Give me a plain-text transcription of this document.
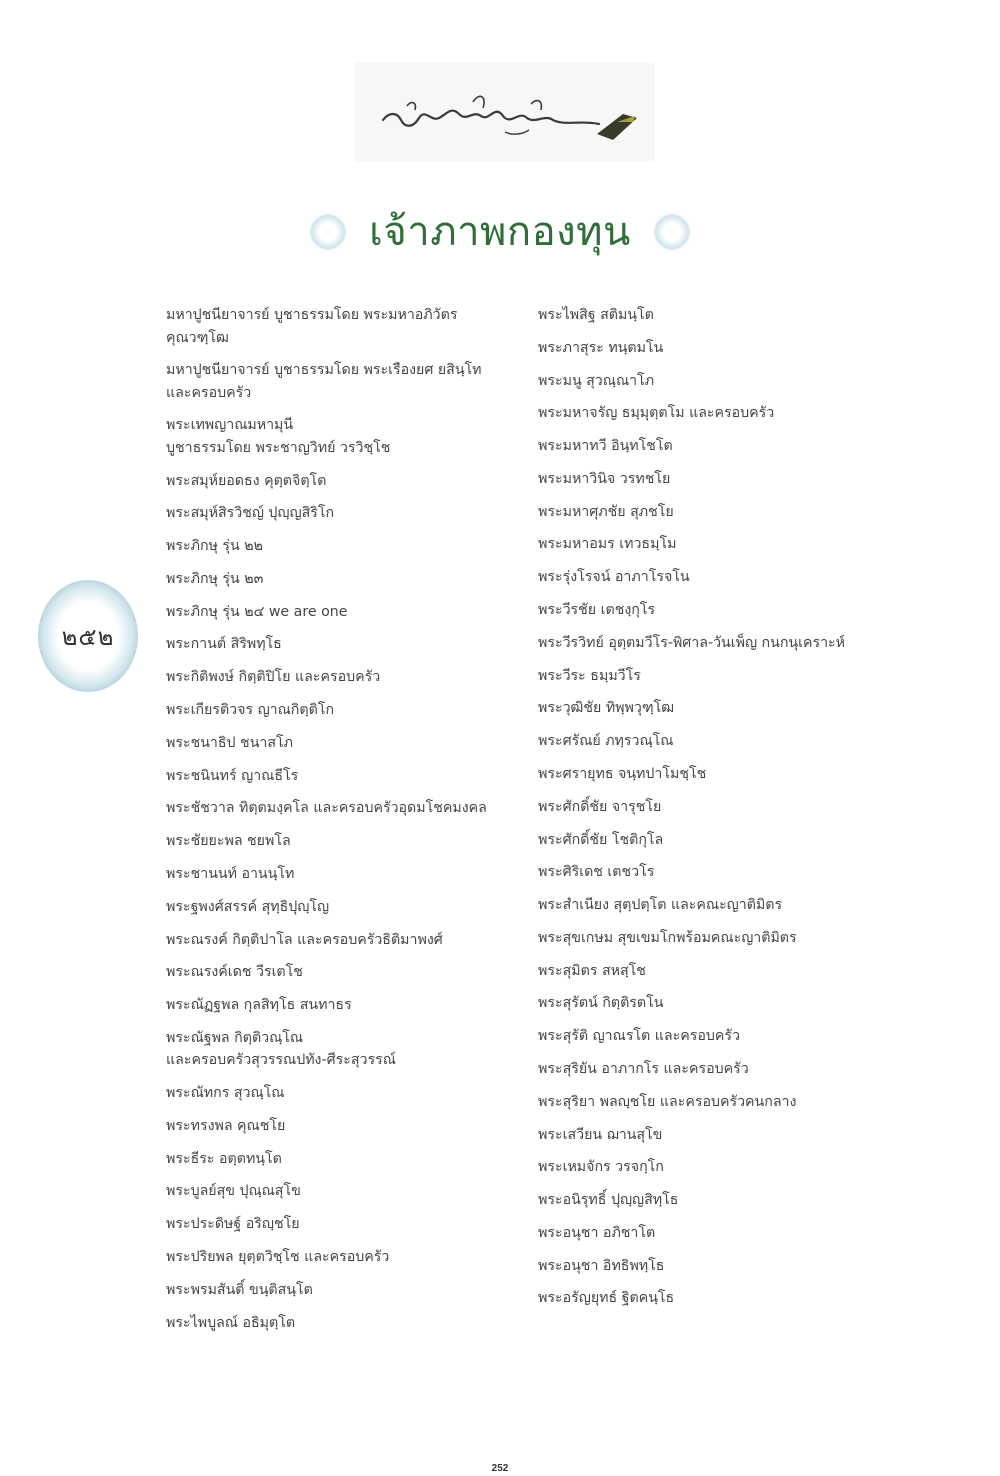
เจ้าภาพกองทุน
๒๕๒
มหาปูชนียาจารย์ บูชาธรรมโดย พระมหาอภิวัตร
คุณวฑฺโฒ
มหาปูชนียาจารย์ บูชาธรรมโดย พระเรืองยศ ยสินฺโท
และครอบครัว
พระเทพญาณมหามุนี
บูชาธรรมโดย พระชาญวิทย์ วรวิชฺโช
พระสมุห์ยอดธง คุตฺตจิตฺโต
พระสมุห์สิรวิชญ์ ปุญฺญสิริโก
พระภิกษุ รุ่น ๒๒
พระภิกษุ รุ่น ๒๓
พระภิกษุ รุ่น ๒๔ we are one
พระกานต์ สิริพทฺโธ
พระกิติพงษ์ กิตฺติปิโย และครอบครัว
พระเกียรติวจร ญาณกิตฺติโก
พระชนาธิป ชนาสโภ
พระชนินทร์ ญาณธีโร
พระชัชวาล ทิตฺตมงฺคโล และครอบครัวอุดมโชคมงคล
พระชัยยะพล ชยพโล
พระชานนท์ อานนฺโท
พระฐพงศ์สรรค์ สุทฺธิปุญฺโญ
พระณรงค์ กิตฺติปาโล และครอบครัวธิติมาพงศ์
พระณรงค์เดช วีรเตโช
พระณัฏฐพล กุลสิทฺโธ สนทาธร
พระณัฐพล กิตฺติวณฺโณ
และครอบครัวสุวรรณปทัง-ศีระสุวรรณ์
พระณัทกร สุวณฺโณ
พระทรงพล คุณชโย
พระธีระ อตฺตทนฺโต
พระบูลย์สุข ปุณฺณสุโข
พระประดิษฐ์ อริญฺชโย
พระปริยพล ยุตฺตวิชฺโช และครอบครัว
พระพรมสันติ์ ขนฺติสนฺโต
พระไพบูลณ์ อธิมุตฺโต
พระไพสิฐ สติมนฺโต
พระภาสุระ ทนฺตมโน
พระมนู สุวณฺณาโภ
พระมหาจรัญ ธมฺมุตฺตโม และครอบครัว
พระมหาทวี อินฺทโชโต
พระมหาวินิจ วรทชโย
พระมหาศุภชัย สุภชโย
พระมหาอมร เทวธมฺโม
พระรุ่งโรจน์ อาภาโรจโน
พระวีรชัย เตชงฺกุโร
พระวีรวิทย์ อุตฺตมวีโร-พิศาล-วันเพ็ญ กนกนุเคราะห์
พระวีระ ธมฺมวีโร
พระวุฒิชัย ทิพฺพวุฑฺโฒ
พระศรัณย์ ภทฺรวณฺโณ
พระศรายุทธ จนฺทปาโมชฺโช
พระศักดิ์ชัย จารุชโย
พระศักดิ์ชัย โชติกุโล
พระศิริเดช เตชวโร
พระสำเนียง สุตฺปตฺโต และคณะญาติมิตร
พระสุขเกษม สุขเขมโกพร้อมคณะญาติมิตร
พระสุมิตร สหสฺโช
พระสุรัตน์ กิตฺติรตโน
พระสุรัติ ญาณรโต และครอบครัว
พระสุริยัน อาภากโร และครอบครัว
พระสุริยา พลญฺชโย และครอบครัวคนกลาง
พระเสวียน ฌานสุโข
พระเหมจักร วรจกฺโก
พระอนิรุทธิ์ ปุญฺญสิทฺโธ
พระอนุชา อภิชาโต
พระอนุชา อิทธิพทฺโธ
พระอรัญยุทธ์ ฐิตคนฺโธ
252
